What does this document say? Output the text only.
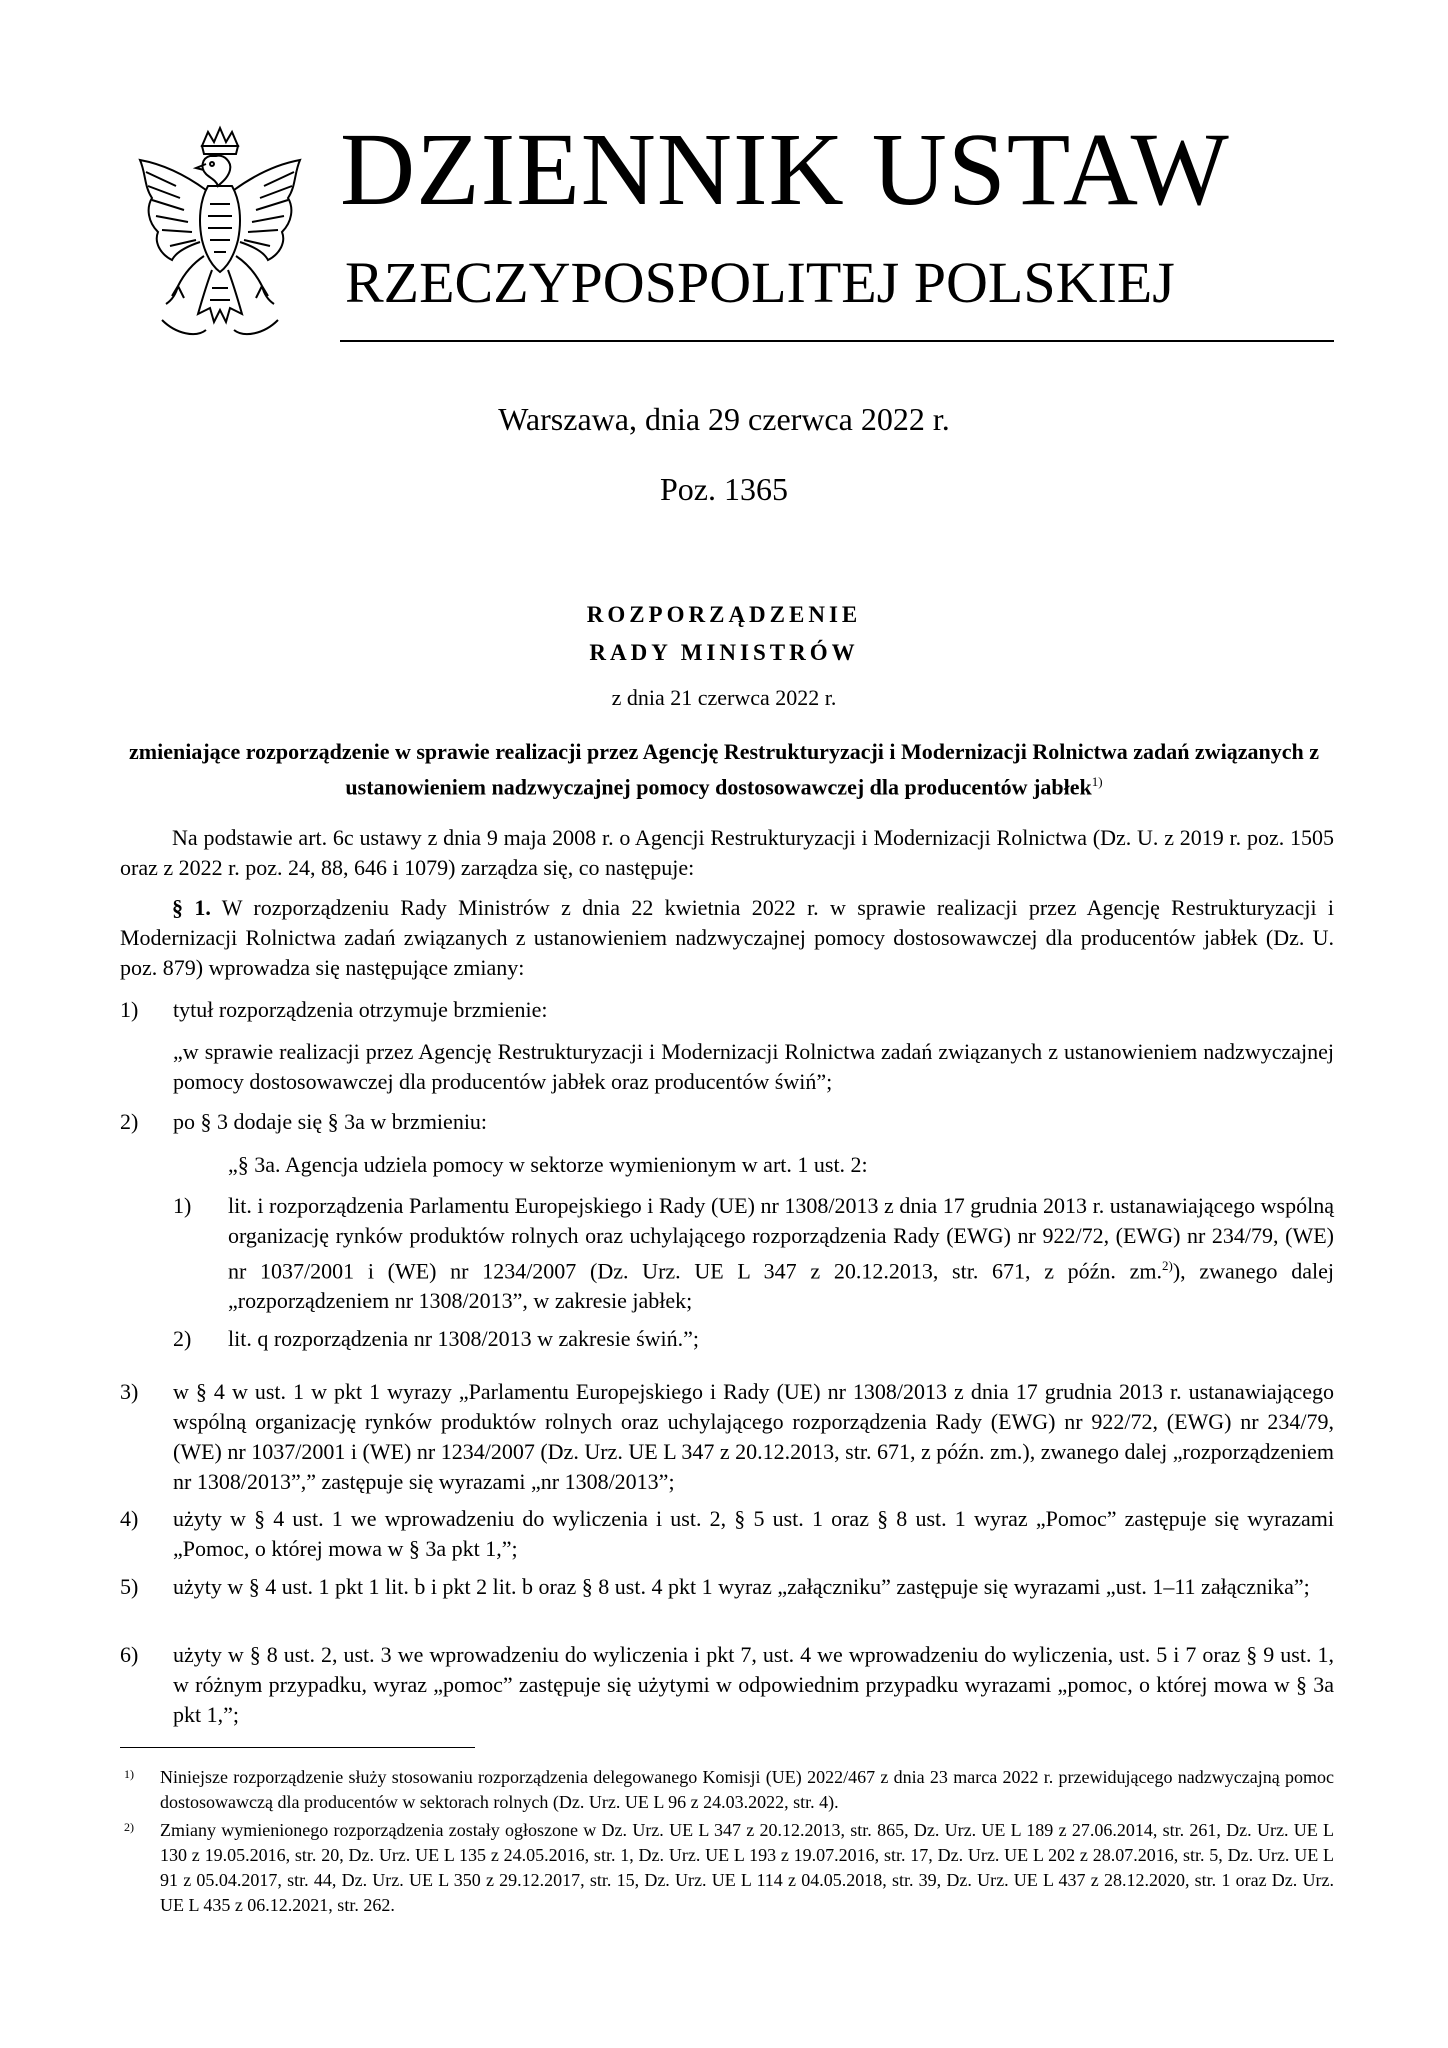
DZIENNIK USTAW
RZECZYPOSPOLITEJ POLSKIEJ
Warszawa, dnia 29 czerwca 2022 r.
Poz. 1365
ROZPORZĄDZENIE
RADY MINISTRÓW
z dnia 21 czerwca 2022 r.
zmieniające rozporządzenie w sprawie realizacji przez Agencję Restrukturyzacji i Modernizacji Rolnictwa zadań związanych z ustanowieniem nadzwyczajnej pomocy dostosowawczej dla producentów jabłek$^{1)}$
Na podstawie art. 6c ustawy z dnia 9 maja 2008 r. o Agencji Restrukturyzacji i Modernizacji Rolnictwa (Dz. U. z 2019 r. poz. 1505 oraz z 2022 r. poz. 24, 88, 646 i 1079) zarządza się, co następuje:
§ 1. W rozporządzeniu Rady Ministrów z dnia 22 kwietnia 2022 r. w sprawie realizacji przez Agencję Restrukturyzacji i Modernizacji Rolnictwa zadań związanych z ustanowieniem nadzwyczajnej pomocy dostosowawczej dla producentów jabłek (Dz. U. poz. 879) wprowadza się następujące zmiany:
1) tytuł rozporządzenia otrzymuje brzmienie:
„w sprawie realizacji przez Agencję Restrukturyzacji i Modernizacji Rolnictwa zadań związanych z ustanowieniem nadzwyczajnej pomocy dostosowawczej dla producentów jabłek oraz producentów świń”;
2) po § 3 dodaje się § 3a w brzmieniu:
„§ 3a. Agencja udziela pomocy w sektorze wymienionym w art. 1 ust. 2:
1) lit. i rozporządzenia Parlamentu Europejskiego i Rady (UE) nr 1308/2013 z dnia 17 grudnia 2013 r. ustanawiającego wspólną organizację rynków produktów rolnych oraz uchylającego rozporządzenia Rady (EWG) nr 922/72, (EWG) nr 234/79, (WE) nr 1037/2001 i (WE) nr 1234/2007 (Dz. Urz. UE L 347 z 20.12.2013, str. 671, z późn. zm.$^{2)}$), zwanego dalej „rozporządzeniem nr 1308/2013”, w zakresie jabłek;
2) lit. q rozporządzenia nr 1308/2013 w zakresie świń.”;
3) w § 4 w ust. 1 w pkt 1 wyrazy „Parlamentu Europejskiego i Rady (UE) nr 1308/2013 z dnia 17 grudnia 2013 r. ustanawiającego wspólną organizację rynków produktów rolnych oraz uchylającego rozporządzenia Rady (EWG) nr 922/72, (EWG) nr 234/79, (WE) nr 1037/2001 i (WE) nr 1234/2007 (Dz. Urz. UE L 347 z 20.12.2013, str. 671, z późn. zm.), zwanego dalej „rozporządzeniem nr 1308/2013”,” zastępuje się wyrazami „nr 1308/2013”;
4) użyty w § 4 ust. 1 we wprowadzeniu do wyliczenia i ust. 2, § 5 ust. 1 oraz § 8 ust. 1 wyraz „Pomoc” zastępuje się wyrazami „Pomoc, o której mowa w § 3a pkt 1,”;
5) użyty w § 4 ust. 1 pkt 1 lit. b i pkt 2 lit. b oraz § 8 ust. 4 pkt 1 wyraz „załączniku” zastępuje się wyrazami „ust. 1–11 załącznika”;
6) użyty w § 8 ust. 2, ust. 3 we wprowadzeniu do wyliczenia i pkt 7, ust. 4 we wprowadzeniu do wyliczenia, ust. 5 i 7 oraz § 9 ust. 1, w różnym przypadku, wyraz „pomoc” zastępuje się użytymi w odpowiednim przypadku wyrazami „pomoc, o której mowa w § 3a pkt 1,”;
1) Niniejsze rozporządzenie służy stosowaniu rozporządzenia delegowanego Komisji (UE) 2022/467 z dnia 23 marca 2022 r. przewidującego nadzwyczajną pomoc dostosowawczą dla producentów w sektorach rolnych (Dz. Urz. UE L 96 z 24.03.2022, str. 4).
2) Zmiany wymienionego rozporządzenia zostały ogłoszone w Dz. Urz. UE L 347 z 20.12.2013, str. 865, Dz. Urz. UE L 189 z 27.06.2014, str. 261, Dz. Urz. UE L 130 z 19.05.2016, str. 20, Dz. Urz. UE L 135 z 24.05.2016, str. 1, Dz. Urz. UE L 193 z 19.07.2016, str. 17, Dz. Urz. UE L 202 z 28.07.2016, str. 5, Dz. Urz. UE L 91 z 05.04.2017, str. 44, Dz. Urz. UE L 350 z 29.12.2017, str. 15, Dz. Urz. UE L 114 z 04.05.2018, str. 39, Dz. Urz. UE L 437 z 28.12.2020, str. 1 oraz Dz. Urz. UE L 435 z 06.12.2021, str. 262.
